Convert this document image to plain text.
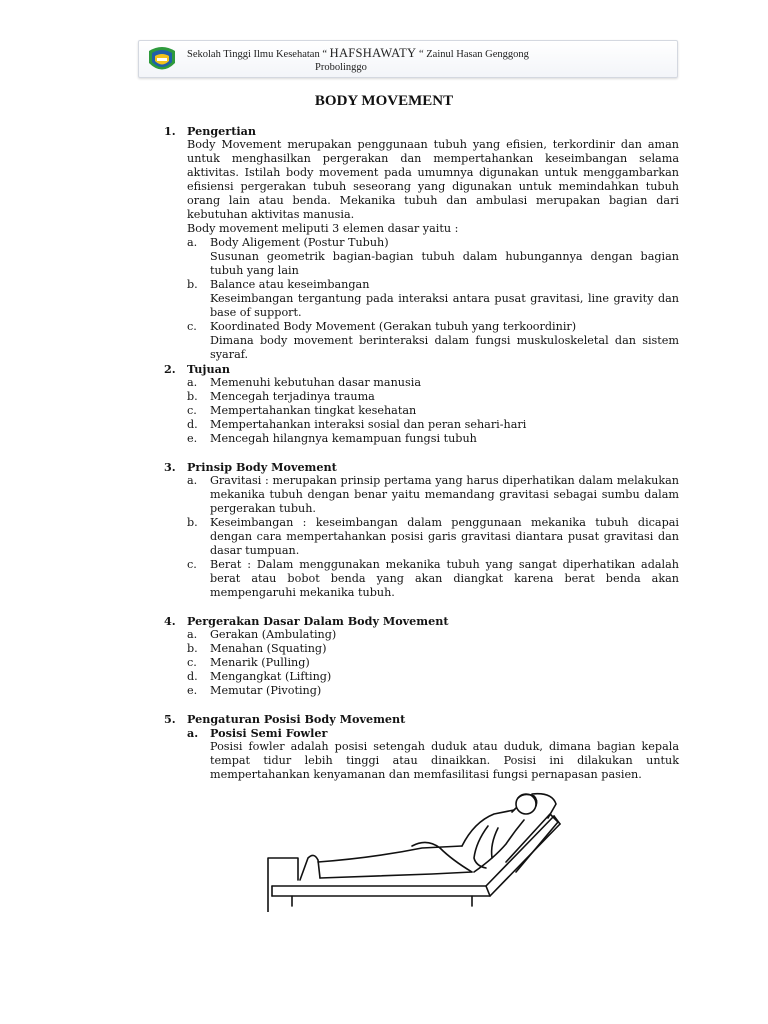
Sekolah Tinggi Ilmu Kesehatan “ HAFSHAWATY “ Zainul Hasan Genggong
Probolinggo
BODY MOVEMENT
1.	Pengertian
Body Movement merupakan penggunaan tubuh yang efisien, terkordinir dan aman untuk menghasilkan pergerakan dan mempertahankan keseimbangan selama aktivitas. Istilah body movement pada umumnya digunakan untuk menggambarkan efisiensi pergerakan tubuh seseorang yang digunakan untuk memindahkan tubuh orang lain atau benda. Mekanika tubuh dan ambulasi merupakan bagian dari kebutuhan aktivitas manusia.
Body movement meliputi 3 elemen dasar yaitu :
a.	Body Aligement (Postur Tubuh)
Susunan geometrik bagian-bagian tubuh dalam hubungannya dengan bagian tubuh yang lain
b.	Balance atau keseimbangan
Keseimbangan tergantung pada interaksi antara pusat gravitasi, line gravity dan base of support.
c.	Koordinated Body Movement (Gerakan tubuh yang terkoordinir)
Dimana body movement berinteraksi dalam fungsi muskuloskeletal dan sistem syaraf.
2.	Tujuan
a.	Memenuhi kebutuhan dasar manusia
b.	Mencegah terjadinya trauma
c.	Mempertahankan tingkat kesehatan
d.	Mempertahankan interaksi sosial dan peran sehari-hari
e.	Mencegah hilangnya kemampuan fungsi tubuh
3.	Prinsip Body Movement
a.	Gravitasi : merupakan prinsip pertama yang harus diperhatikan dalam melakukan mekanika tubuh dengan benar yaitu memandang gravitasi sebagai sumbu dalam pergerakan tubuh.
b.	Keseimbangan : keseimbangan dalam penggunaan mekanika tubuh dicapai dengan cara mempertahankan posisi garis gravitasi diantara pusat gravitasi dan dasar tumpuan.
c.	Berat : Dalam menggunakan mekanika tubuh yang sangat diperhatikan adalah berat atau bobot benda yang akan diangkat karena berat benda akan mempengaruhi mekanika tubuh.
4.	Pergerakan Dasar Dalam Body Movement
a.	Gerakan (Ambulating)
b.	Menahan (Squating)
c.	Menarik (Pulling)
d.	Mengangkat (Lifting)
e.	Memutar (Pivoting)
5.	Pengaturan Posisi Body Movement
a.	Posisi Semi Fowler
Posisi fowler adalah posisi setengah duduk atau duduk, dimana bagian kepala tempat tidur lebih tinggi atau dinaikkan. Posisi ini dilakukan untuk mempertahankan kenyamanan dan memfasilitasi fungsi pernapasan pasien.
